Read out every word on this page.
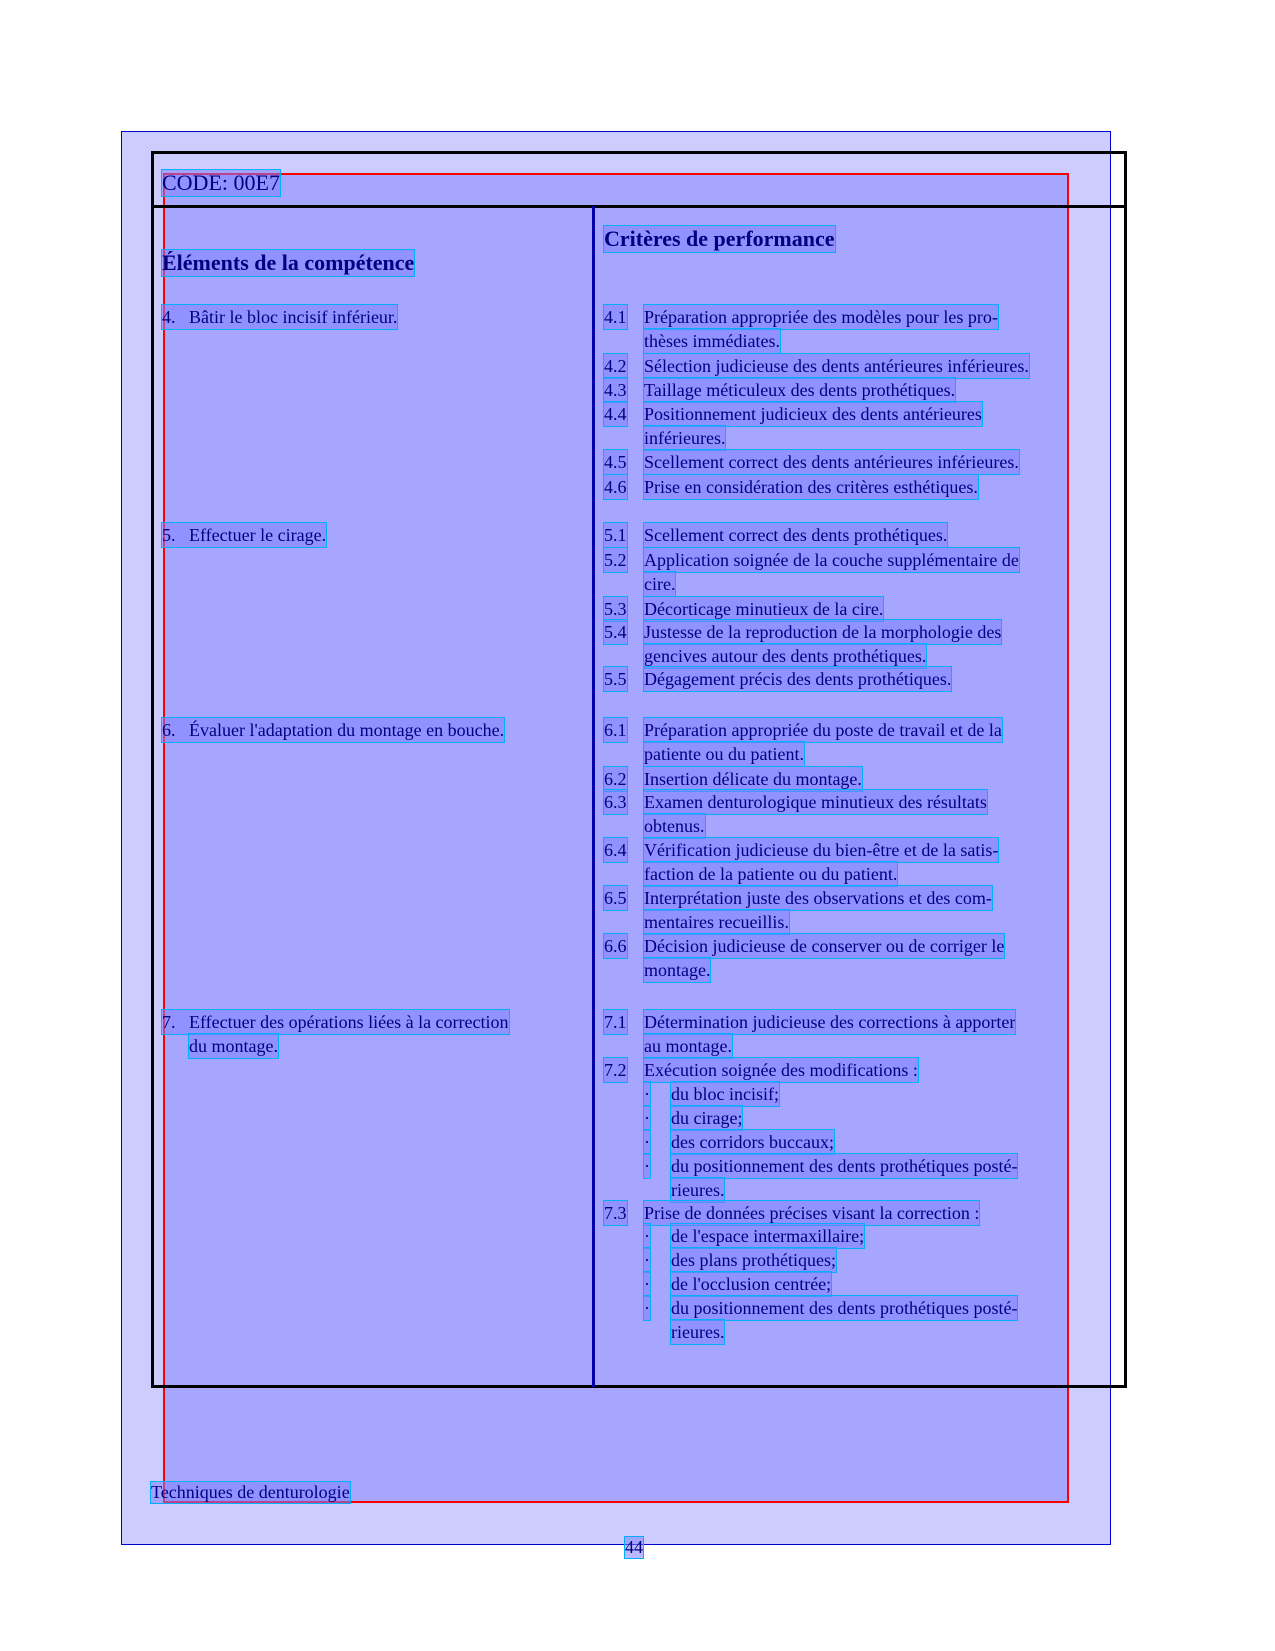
CODE: 00E7
Éléments de la compétence
Critères de performance
4. Bâtir le bloc incisif inférieur.
5. Effectuer le cirage.
6. Évaluer l'adaptation du montage en bouche.
7. Effectuer des opérations liées à la correction
du montage.
4.1 Préparation appropriée des modèles pour les pro-
thèses immédiates.
4.2 Sélection judicieuse des dents antérieures inférieures.
4.3 Taillage méticuleux des dents prothétiques.
4.4 Positionnement judicieux des dents antérieures
inférieures.
4.5 Scellement correct des dents antérieures inférieures.
4.6 Prise en considération des critères esthétiques.
5.1 Scellement correct des dents prothétiques.
5.2 Application soignée de la couche supplémentaire de
cire.
5.3 Décorticage minutieux de la cire.
5.4 Justesse de la reproduction de la morphologie des
gencives autour des dents prothétiques.
5.5 Dégagement précis des dents prothétiques.
6.1 Préparation appropriée du poste de travail et de la
patiente ou du patient.
6.2 Insertion délicate du montage.
6.3 Examen denturologique minutieux des résultats
obtenus.
6.4 Vérification judicieuse du bien-être et de la satis-
faction de la patiente ou du patient.
6.5 Interprétation juste des observations et des com-
mentaires recueillis.
6.6 Décision judicieuse de conserver ou de corriger le
montage.
7.1 Détermination judicieuse des corrections à apporter
au montage.
7.2 Exécution soignée des modifications :
· du bloc incisif;
· du cirage;
· des corridors buccaux;
· du positionnement des dents prothétiques posté-
rieures.
7.3 Prise de données précises visant la correction :
· de l'espace intermaxillaire;
· des plans prothétiques;
· de l'occlusion centrée;
· du positionnement des dents prothétiques posté-
rieures.
Techniques de denturologie
44
